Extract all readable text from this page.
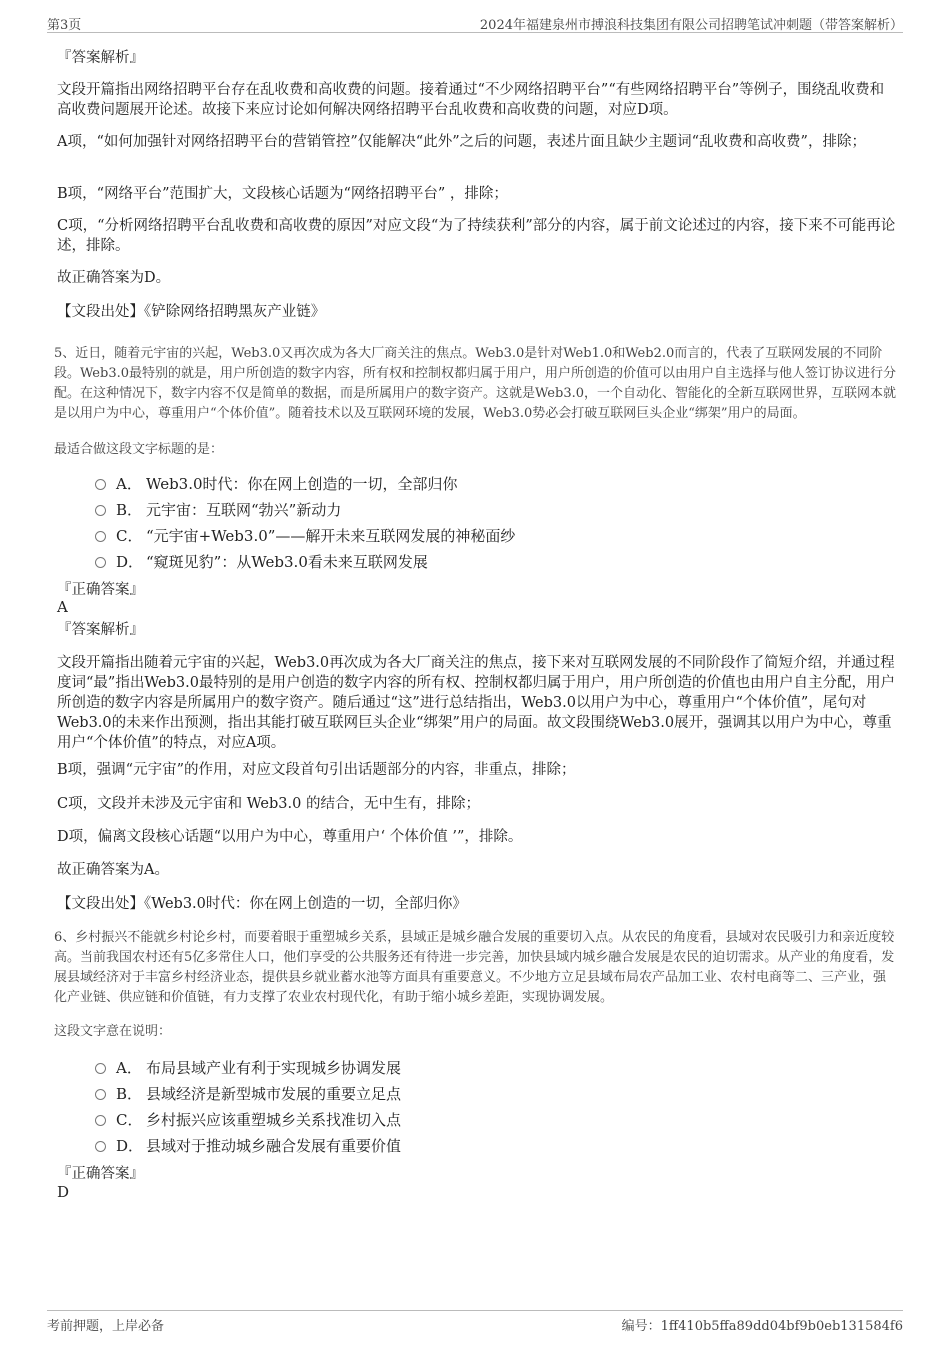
第3页	2024年福建泉州市搏浪科技集团有限公司招聘笔试冲刺题（带答案解析）

『答案解析』

文段开篇指出网络招聘平台存在乱收费和高收费的问题。接着通过“不少网络招聘平台”“有些网络招聘平台”等例子，围绕乱收费和高收费问题展开论述。故接下来应讨论如何解决网络招聘平台乱收费和高收费的问题，对应D项。

A项，“如何加强针对网络招聘平台的营销管控”仅能解决“此外”之后的问题，表述片面且缺少主题词“乱收费和高收费”，排除；

B项，“网络平台”范围扩大，文段核心话题为“网络招聘平台” ，排除；

C项，“分析网络招聘平台乱收费和高收费的原因”对应文段“为了持续获利”部分的内容，属于前文论述过的内容，接下来不可能再论述，排除。

故正确答案为D。

【文段出处】《铲除网络招聘黑灰产业链》

5、近日，随着元宇宙的兴起，Web3.0又再次成为各大厂商关注的焦点。Web3.0是针对Web1.0和Web2.0而言的，代表了互联网发展的不同阶段。Web3.0最特别的就是，用户所创造的数字内容，所有权和控制权都归属于用户，用户所创造的价值可以由用户自主选择与他人签订协议进行分配。在这种情况下，数字内容不仅是简单的数据，而是所属用户的数字资产。这就是Web3.0，一个自动化、智能化的全新互联网世界，互联网本就是以用户为中心，尊重用户“个体价值”。随着技术以及互联网环境的发展，Web3.0势必会打破互联网巨头企业“绑架”用户的局面。

最适合做这段文字标题的是：

A． Web3.0时代：你在网上创造的一切，全部归你
B． 元宇宙：互联网“勃兴”新动力
C． “元宇宙+Web3.0”——解开未来互联网发展的神秘面纱
D． “窥斑见豹”：从Web3.0看未来互联网发展

『正确答案』

A

『答案解析』

文段开篇指出随着元宇宙的兴起，Web3.0再次成为各大厂商关注的焦点，接下来对互联网发展的不同阶段作了简短介绍，并通过程度词“最”指出Web3.0最特别的是用户创造的数字内容的所有权、控制权都归属于用户，用户所创造的价值也由用户自主分配，用户所创造的数字内容是所属用户的数字资产。随后通过“这”进行总结指出，Web3.0以用户为中心，尊重用户“个体价值”，尾句对Web3.0的未来作出预测，指出其能打破互联网巨头企业“绑架”用户的局面。故文段围绕Web3.0展开，强调其以用户为中心，尊重用户“个体价值”的特点，对应A项。

B项，强调“元宇宙”的作用，对应文段首句引出话题部分的内容，非重点，排除；

C项，文段并未涉及元宇宙和 Web3.0 的结合，无中生有，排除；

D项，偏离文段核心话题“以用户为中心，尊重用户‘ 个体价值 ’”，排除。

故正确答案为A。

【文段出处】《Web3.0时代：你在网上创造的一切，全部归你》

6、乡村振兴不能就乡村论乡村，而要着眼于重塑城乡关系，县域正是城乡融合发展的重要切入点。从农民的角度看，县域对农民吸引力和亲近度较高。当前我国农村还有5亿多常住人口，他们享受的公共服务还有待进一步完善，加快县域内城乡融合发展是农民的迫切需求。从产业的角度看，发展县域经济对于丰富乡村经济业态，提供县乡就业蓄水池等方面具有重要意义。不少地方立足县域布局农产品加工业、农村电商等二、三产业，强化产业链、供应链和价值链，有力支撑了农业农村现代化，有助于缩小城乡差距，实现协调发展。

这段文字意在说明：

A． 布局县域产业有利于实现城乡协调发展
B． 县域经济是新型城市发展的重要立足点
C． 乡村振兴应该重塑城乡关系找准切入点
D． 县域对于推动城乡融合发展有重要价值

『正确答案』

D
考前押题，上岸必备	编号：1ff410b5ffa89dd04bf9b0eb131584f6
